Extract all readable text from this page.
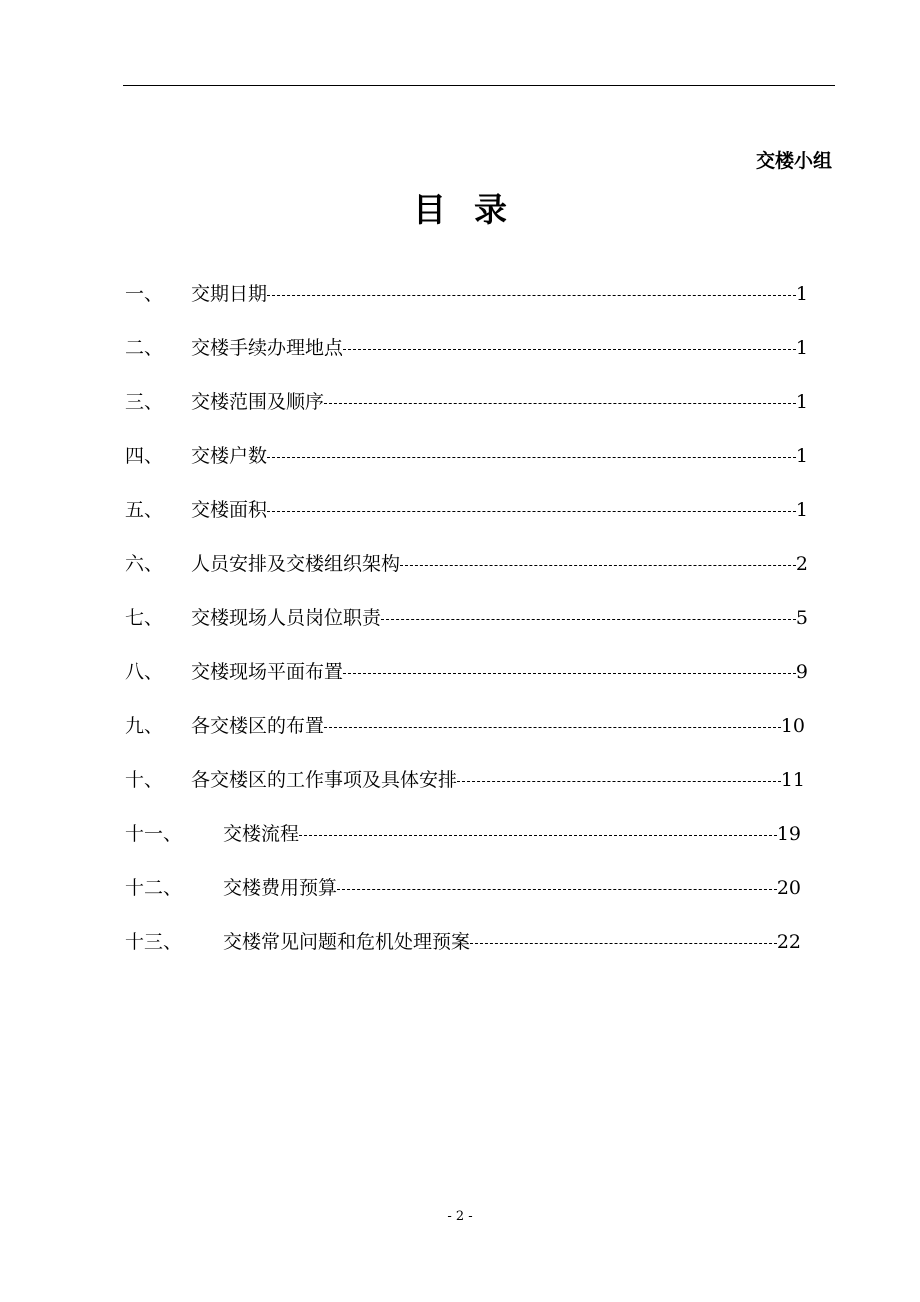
交楼小组
目录
一、	交期日期	1
二、	交楼手续办理地点	1
三、	交楼范围及顺序	1
四、	交楼户数	1
五、	交楼面积	1
六、	人员安排及交楼组织架构	2
七、	交楼现场人员岗位职责	5
八、	交楼现场平面布置	9
九、	各交楼区的布置	10
十、	各交楼区的工作事项及具体安排	11
十一、	交楼流程	19
十二、	交楼费用预算	20
十三、	交楼常见问题和危机处理预案	22
- 2 -
